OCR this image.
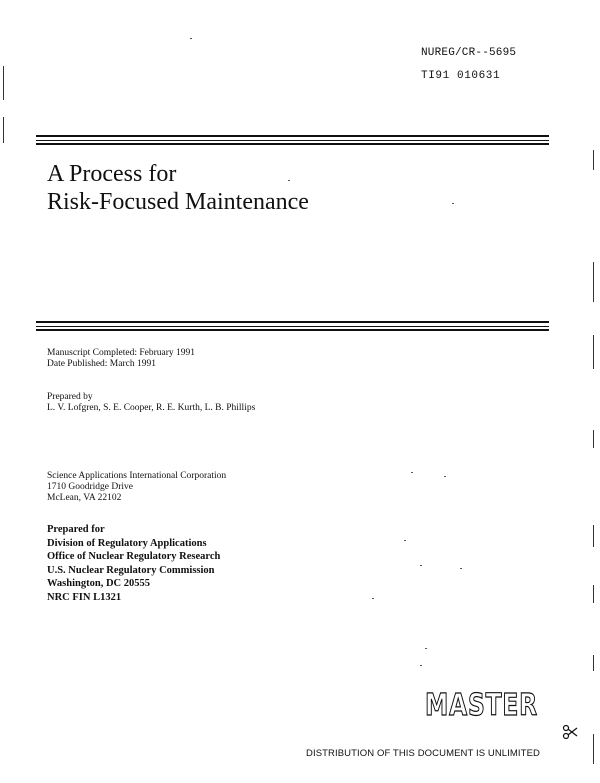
NUREG/CR--5695
TI91 010631
A Process for
Risk-Focused Maintenance
Manuscript Completed: February 1991
Date Published: March 1991
Prepared by
L. V. Lofgren, S. E. Cooper, R. E. Kurth, L. B. Phillips
Science Applications International Corporation
1710 Goodridge Drive
McLean, VA 22102
Prepared for
Division of Regulatory Applications
Office of Nuclear Regulatory Research
U.S. Nuclear Regulatory Commission
Washington, DC 20555
NRC FIN L1321
MASTER
DISTRIBUTION OF THIS DOCUMENT IS UNLIMITED
